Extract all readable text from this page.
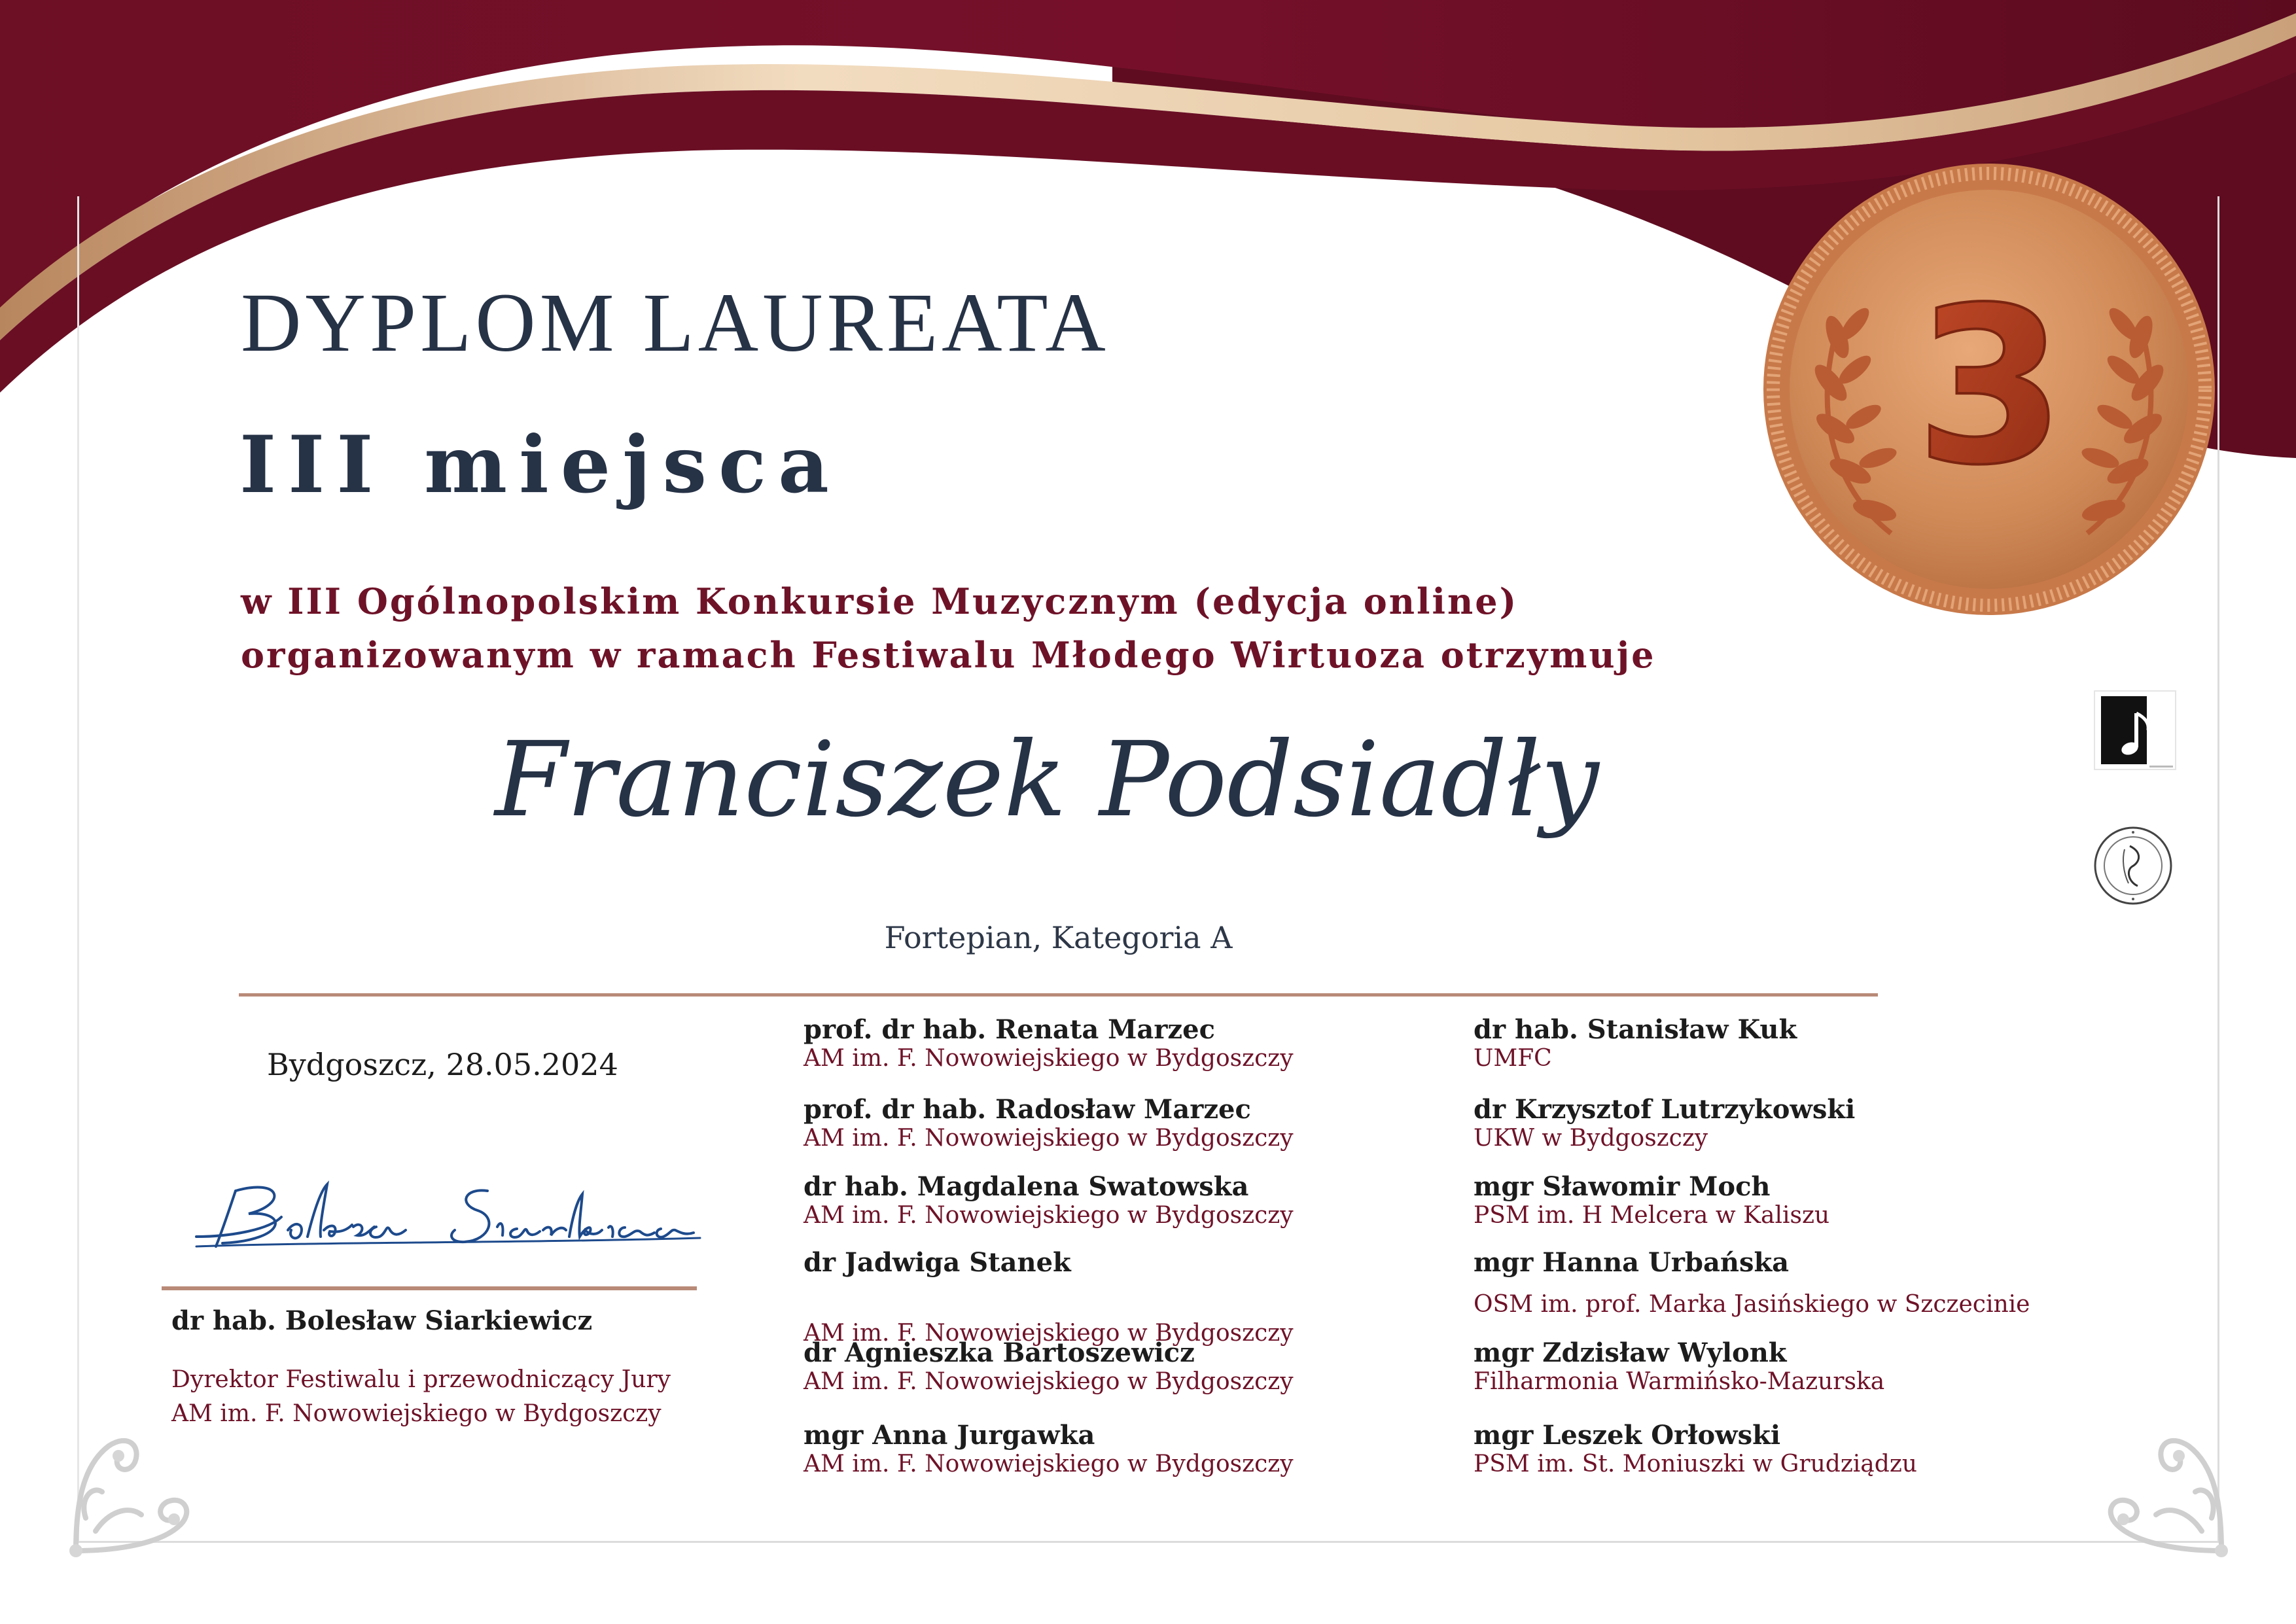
3
DYPLOM LAUREATA
III miejsca
w III Ogólnopolskim Konkursie Muzycznym (edycja online)
organizowanym w ramach Festiwalu Młodego Wirtuoza otrzymuje
Franciszek Podsiadły
Fortepian, Kategoria A
Bydgoszcz, 28.05.2024
dr hab. Bolesław Siarkiewicz
Dyrektor Festiwalu i przewodniczący Jury
AM im. F. Nowowiejskiego w Bydgoszczy
prof. dr hab. Renata Marzec
AM im. F. Nowowiejskiego w Bydgoszczy
prof. dr hab. Radosław Marzec
AM im. F. Nowowiejskiego w Bydgoszczy
dr hab. Magdalena Swatowska
AM im. F. Nowowiejskiego w Bydgoszczy
dr Jadwiga Stanek
AM im. F. Nowowiejskiego w Bydgoszczy
dr Agnieszka Bartoszewicz
AM im. F. Nowowiejskiego w Bydgoszczy
mgr Anna Jurgawka
AM im. F. Nowowiejskiego w Bydgoszczy
dr hab. Stanisław Kuk
UMFC
dr Krzysztof Lutrzykowski
UKW w Bydgoszczy
mgr Sławomir Moch
PSM im. H Melcera w Kaliszu
mgr Hanna Urbańska
OSM im. prof. Marka Jasińskiego w Szczecinie
mgr Zdzisław Wylonk
Filharmonia Warmińsko-Mazurska
mgr Leszek Orłowski
PSM im. St. Moniuszki w Grudziądzu
